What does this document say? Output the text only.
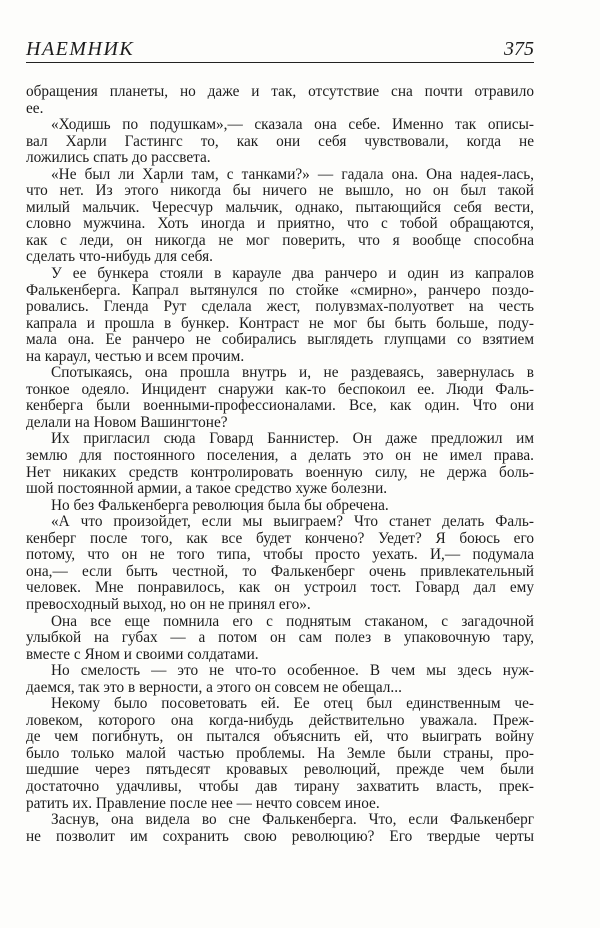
НАЕМНИК	375
обращения планеты, но даже и так, отсутствие сна почти отравило
ее.
«Ходишь по подушкам»,— сказала она себе. Именно так описы-
вал Харли Гастингс то, как они себя чувствовали, когда не
ложились спать до рассвета.
«Не был ли Харли там, с танками?» — гадала она. Она надея-лась,
что нет. Из этого никогда бы ничего не вышло, но он был такой
милый мальчик. Чересчур мальчик, однако, пытающийся себя вести,
словно мужчина. Хоть иногда и приятно, что с тобой обращаются,
как с леди, он никогда не мог поверить, что я вообще способна
сделать что-нибудь для себя.
У ее бункера стояли в карауле два ранчеро и один из капралов
Фалькенберга. Капрал вытянулся по стойке «смирно», ранчеро поздо-
ровались. Гленда Рут сделала жест, полувзмах-полуответ на честь
капрала и прошла в бункер. Контраст не мог бы быть больше, поду-
мала она. Ее ранчеро не собирались выглядеть глупцами со взятием
на караул, честью и всем прочим.
Спотыкаясь, она прошла внутрь и, не раздеваясь, завернулась в
тонкое одеяло. Инцидент снаружи как-то беспокоил ее. Люди Фаль-
кенберга были военными-профессионалами. Все, как один. Что они
делали на Новом Вашингтоне?
Их пригласил сюда Говард Баннистер. Он даже предложил им
землю для постоянного поселения, а делать это он не имел права.
Нет никаких средств контролировать военную силу, не держа боль-
шой постоянной армии, а такое средство хуже болезни.
Но без Фалькенберга революция была бы обречена.
«А что произойдет, если мы выиграем? Что станет делать Фаль-
кенберг после того, как все будет кончено? Уедет? Я боюсь его
потому, что он не того типа, чтобы просто уехать. И,— подумала
она,— если быть честной, то Фалькенберг очень привлекательный
человек. Мне понравилось, как он устроил тост. Говард дал ему
превосходный выход, но он не принял его».
Она все еще помнила его с поднятым стаканом, с загадочной
улыбкой на губах — а потом он сам полез в упаковочную тару,
вместе с Яном и своими солдатами.
Но смелость — это не что-то особенное. В чем мы здесь нуж-
даемся, так это в верности, а этого он совсем не обещал...
Некому было посоветовать ей. Ее отец был единственным че-
ловеком, которого она когда-нибудь действительно уважала. Преж-
де чем погибнуть, он пытался объяснить ей, что выиграть войну
было только малой частью проблемы. На Земле были страны, про-
шедшие через пятьдесят кровавых революций, прежде чем были
достаточно удачливы, чтобы дав тирану захватить власть, прек-
ратить их. Правление после нее — нечто совсем иное.
Заснув, она видела во сне Фалькенберга. Что, если Фалькенберг
не позволит им сохранить свою революцию? Его твердые черты
